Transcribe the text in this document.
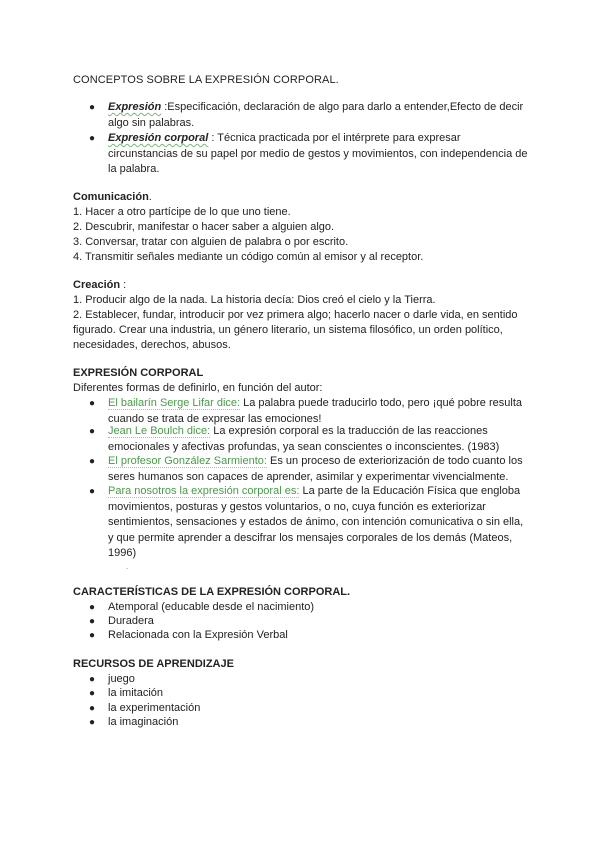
CONCEPTOS SOBRE LA EXPRESIÓN CORPORAL.
● Expresión :Especificación, declaración de algo para darlo a entender,Efecto de decir algo sin palabras.
● Expresión corporal : Técnica practicada por el intérprete para expresar circunstancias de su papel por medio de gestos y movimientos, con independencia de la palabra.
Comunicación.
1. Hacer a otro partícipe de lo que uno tiene.
2. Descubrir, manifestar o hacer saber a alguien algo.
3. Conversar, tratar con alguien de palabra o por escrito.
4. Transmitir señales mediante un código común al emisor y al receptor.
Creación :
1. Producir algo de la nada. La historia decía: Dios creó el cielo y la Tierra.
2. Establecer, fundar, introducir por vez primera algo; hacerlo nacer o darle vida, en sentido figurado. Crear una industria, un género literario, un sistema filosófico, un orden político, necesidades, derechos, abusos.
EXPRESIÓN CORPORAL
Diferentes formas de definirlo, en función del autor:
● El bailarín Serge Lifar dice: La palabra puede traducirlo todo, pero ¡qué pobre resulta cuando se trata de expresar las emociones!
● Jean Le Boulch dice: La expresión corporal es la traducción de las reacciones emocionales y afectivas profundas, ya sean conscientes o inconscientes. (1983)
● El profesor González Sarmiento: Es un proceso de exteriorización de todo cuanto los seres humanos son capaces de aprender, asimilar y experimentar vivencialmente.
● Para nosotros la expresión corporal es: La parte de la Educación Física que engloba movimientos, posturas y gestos voluntarios, o no, cuya función es exteriorizar sentimientos, sensaciones y estados de ánimo, con intención comunicativa o sin ella, y que permite aprender a descifrar los mensajes corporales de los demás (Mateos, 1996)
.
CARACTERÍSTICAS DE LA EXPRESIÓN CORPORAL.
● Atemporal (educable desde el nacimiento)
● Duradera
● Relacionada con la Expresión Verbal
RECURSOS DE APRENDIZAJE
● juego
● la imitación
● la experimentación
● la imaginación
